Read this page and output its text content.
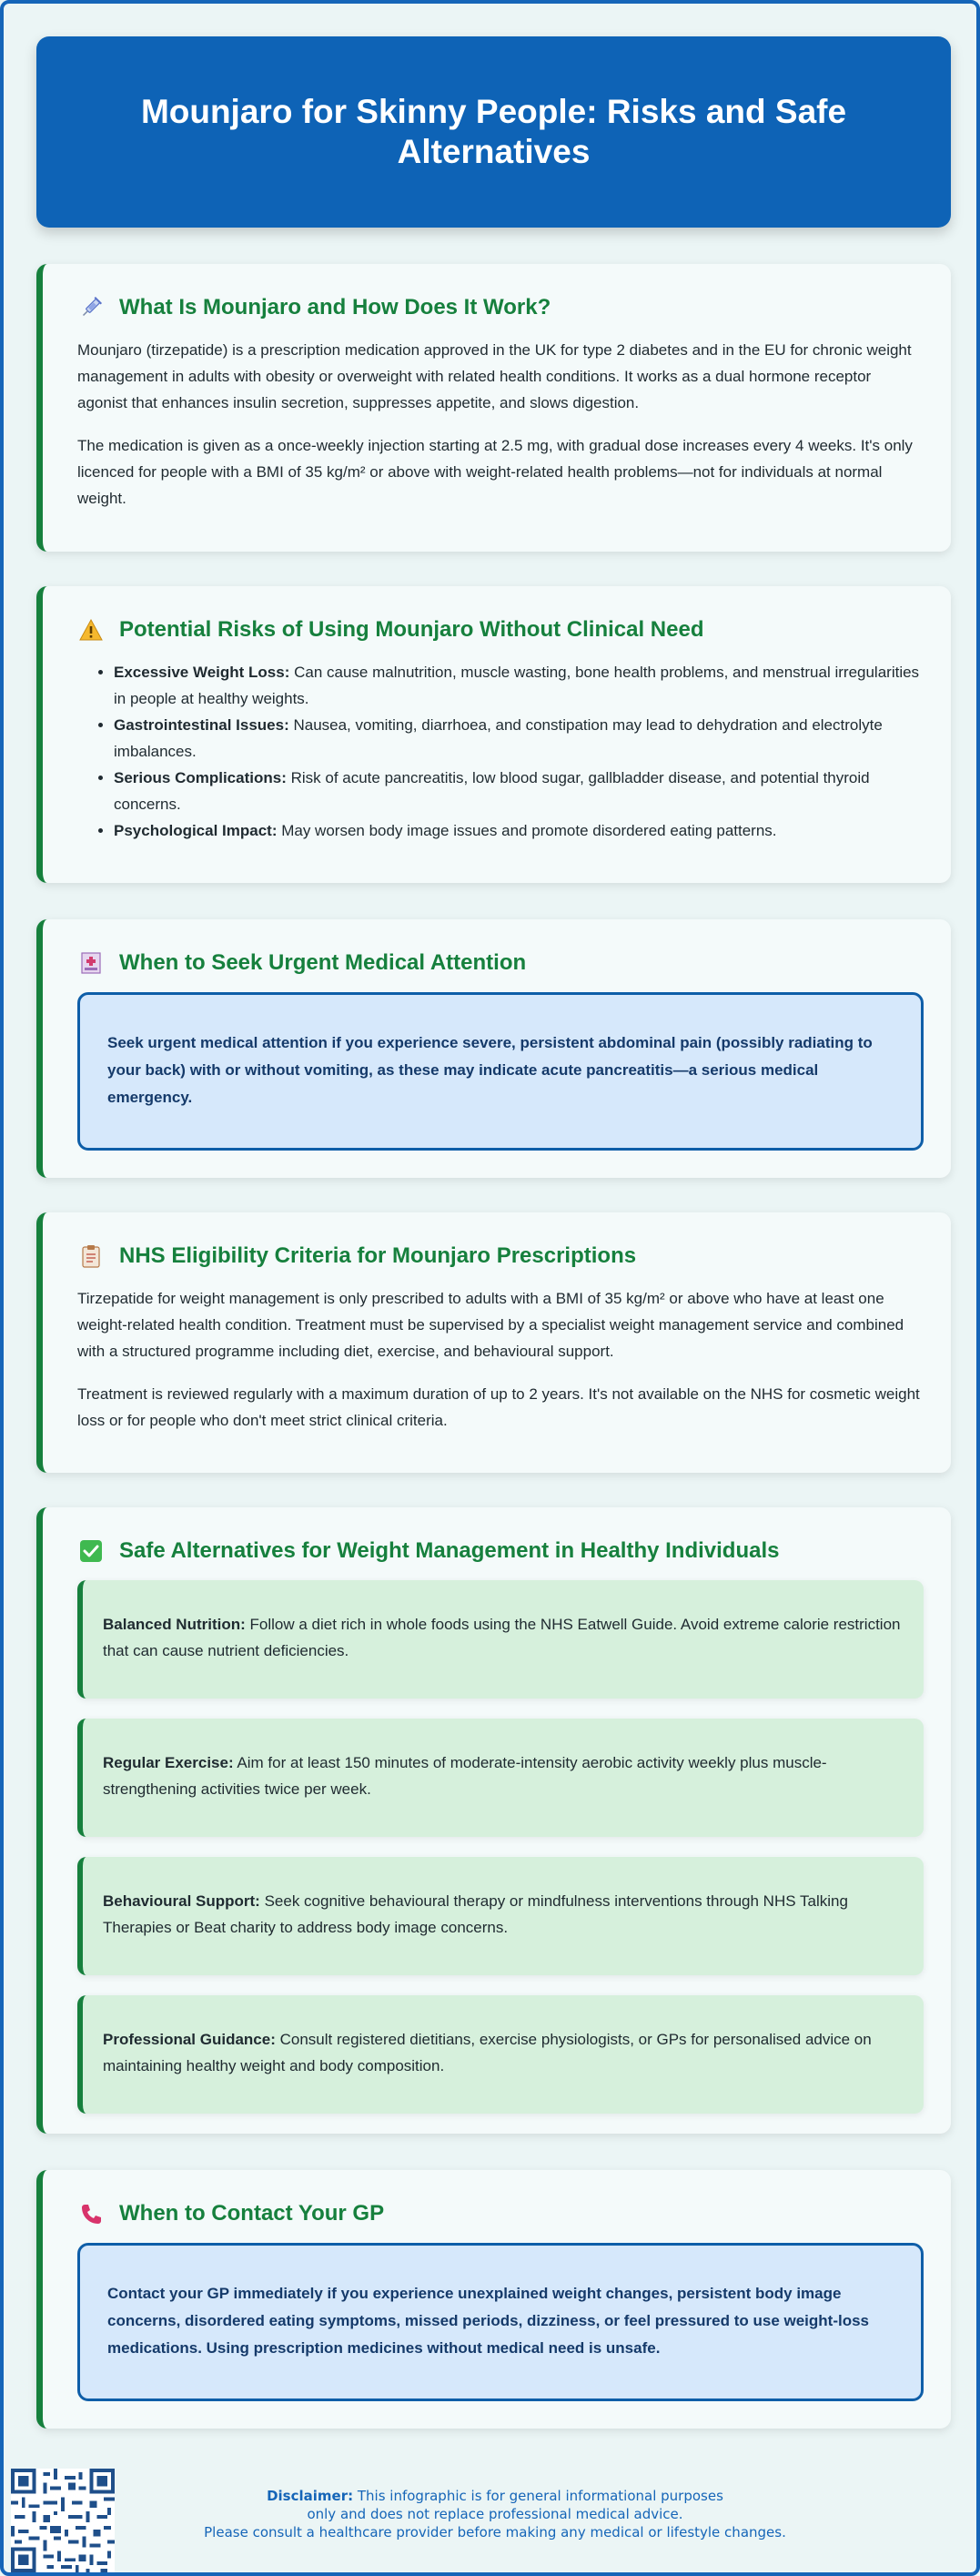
Mounjaro for Skinny People: Risks and Safe Alternatives
What Is Mounjaro and How Does It Work?

Mounjaro (tirzepatide) is a prescription medication approved in the UK for type 2 diabetes and in the EU for chronic weight management in adults with obesity or overweight with related health conditions. It works as a dual hormone receptor agonist that enhances insulin secretion, suppresses appetite, and slows digestion.

The medication is given as a once-weekly injection starting at 2.5 mg, with gradual dose increases every 4 weeks. It's only licenced for people with a BMI of 35 kg/m² or above with weight-related health problems—not for individuals at normal weight.

Potential Risks of Using Mounjaro Without Clinical Need
• Excessive Weight Loss: Can cause malnutrition, muscle wasting, bone health problems, and menstrual irregularities in people at healthy weights.
• Gastrointestinal Issues: Nausea, vomiting, diarrhoea, and constipation may lead to dehydration and electrolyte imbalances.
• Serious Complications: Risk of acute pancreatitis, low blood sugar, gallbladder disease, and potential thyroid concerns.
• Psychological Impact: May worsen body image issues and promote disordered eating patterns.
When to Seek Urgent Medical Attention

Seek urgent medical attention if you experience severe, persistent abdominal pain (possibly radiating to your back) with or without vomiting, as these may indicate acute pancreatitis—a serious medical emergency.

NHS Eligibility Criteria for Mounjaro Prescriptions

Tirzepatide for weight management is only prescribed to adults with a BMI of 35 kg/m² or above who have at least one weight-related health condition. Treatment must be supervised by a specialist weight management service and combined with a structured programme including diet, exercise, and behavioural support.

Treatment is reviewed regularly with a maximum duration of up to 2 years. It's not available on the NHS for cosmetic weight loss or for people who don't meet strict clinical criteria.

Safe Alternatives for Weight Management in Healthy Individuals

Balanced Nutrition: Follow a diet rich in whole foods using the NHS Eatwell Guide. Avoid extreme calorie restriction that can cause nutrient deficiencies.

Regular Exercise: Aim for at least 150 minutes of moderate-intensity aerobic activity weekly plus muscle-strengthening activities twice per week.

Behavioural Support: Seek cognitive behavioural therapy or mindfulness interventions through NHS Talking Therapies or Beat charity to address body image concerns.

Professional Guidance: Consult registered dietitians, exercise physiologists, or GPs for personalised advice on maintaining healthy weight and body composition.

When to Contact Your GP

Contact your GP immediately if you experience unexplained weight changes, persistent body image concerns, disordered eating symptoms, missed periods, dizziness, or feel pressured to use weight-loss medications. Using prescription medicines without medical need is unsafe.

Disclaimer: This infographic is for general informational purposes
only and does not replace professional medical advice.
Please consult a healthcare provider before making any medical or lifestyle changes.
